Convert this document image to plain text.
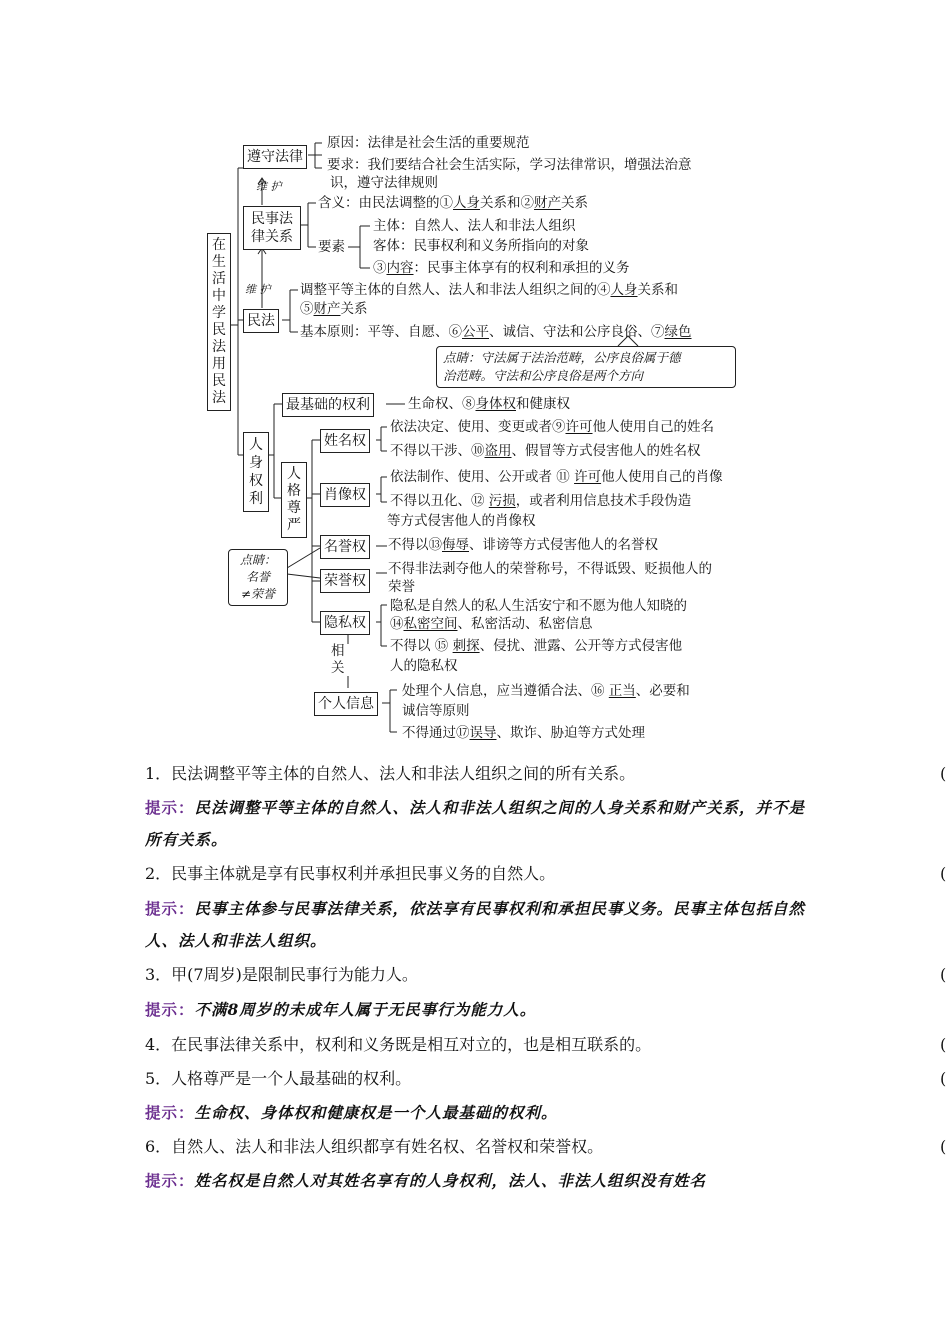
在生活中学民法用民法
遵守法律
原因：法律是社会生活的重要规范
要求：我们要结合社会生活实际，学习法律常识，增强法治意
识，遵守法律规则
维 护
民事法律关系
含义：由民法调整的①人身关系和②财产关系
要素
主体：自然人、法人和非法人组织
客体：民事权利和义务所指向的对象
③内容：民事主体享有的权利和承担的义务
维 护
民法
调整平等主体的自然人、法人和非法人组织之间的④人身关系和
⑤财产关系
基本原则：平等、自愿、⑥公平、诚信、守法和公序良俗、⑦绿色
点睛：守法属于法治范畴，公序良俗属于德
治范畴。守法和公序良俗是两个方向
人身权利
最基础的权利	生命权、⑧身体权和健康权
人格尊严
姓名权
依法决定、使用、变更或者⑨许可他人使用自己的姓名
不得以干涉、⑩盗用、假冒等方式侵害他人的姓名权
肖像权
依法制作、使用、公开或者 ⑪ 许可他人使用自己的肖像
不得以丑化、⑫ 污损，或者利用信息技术手段伪造
等方式侵害他人的肖像权
点睛：
名誉
≠荣誉
名誉权 不得以⑬侮辱、诽谤等方式侵害他人的名誉权
荣誉权
不得非法剥夺他人的荣誉称号，不得诋毁、贬损他人的
荣誉
隐私权
隐私是自然人的私人生活安宁和不愿为他人知晓的
⑭私密空间、私密活动、私密信息
不得以 ⑮ 刺探、侵扰、泄露、公开等方式侵害他
人的隐私权
相关
个人信息
处理个人信息，应当遵循合法、⑯ 正当、必要和
诚信等原则
不得通过⑰误导、欺诈、胁迫等方式处理
1．民法调整平等主体的自然人、法人和非法人组织之间的所有关系。	(
提示：民法调整平等主体的自然人、法人和非法人组织之间的人身关系和财产关系，并不是所有关系。
2．民事主体就是享有民事权利并承担民事义务的自然人。	(
提示：民事主体参与民事法律关系，依法享有民事权利和承担民事义务。民事主体包括自然人、法人和非法人组织。
3．甲(7周岁)是限制民事行为能力人。	(
提示：不满8周岁的未成年人属于无民事行为能力人。
4．在民事法律关系中，权利和义务既是相互对立的，也是相互联系的。	(
5．人格尊严是一个人最基础的权利。	(
提示：生命权、身体权和健康权是一个人最基础的权利。
6．自然人、法人和非法人组织都享有姓名权、名誉权和荣誉权。	(
提示：姓名权是自然人对其姓名享有的人身权利，法人、非法人组织没有姓名
